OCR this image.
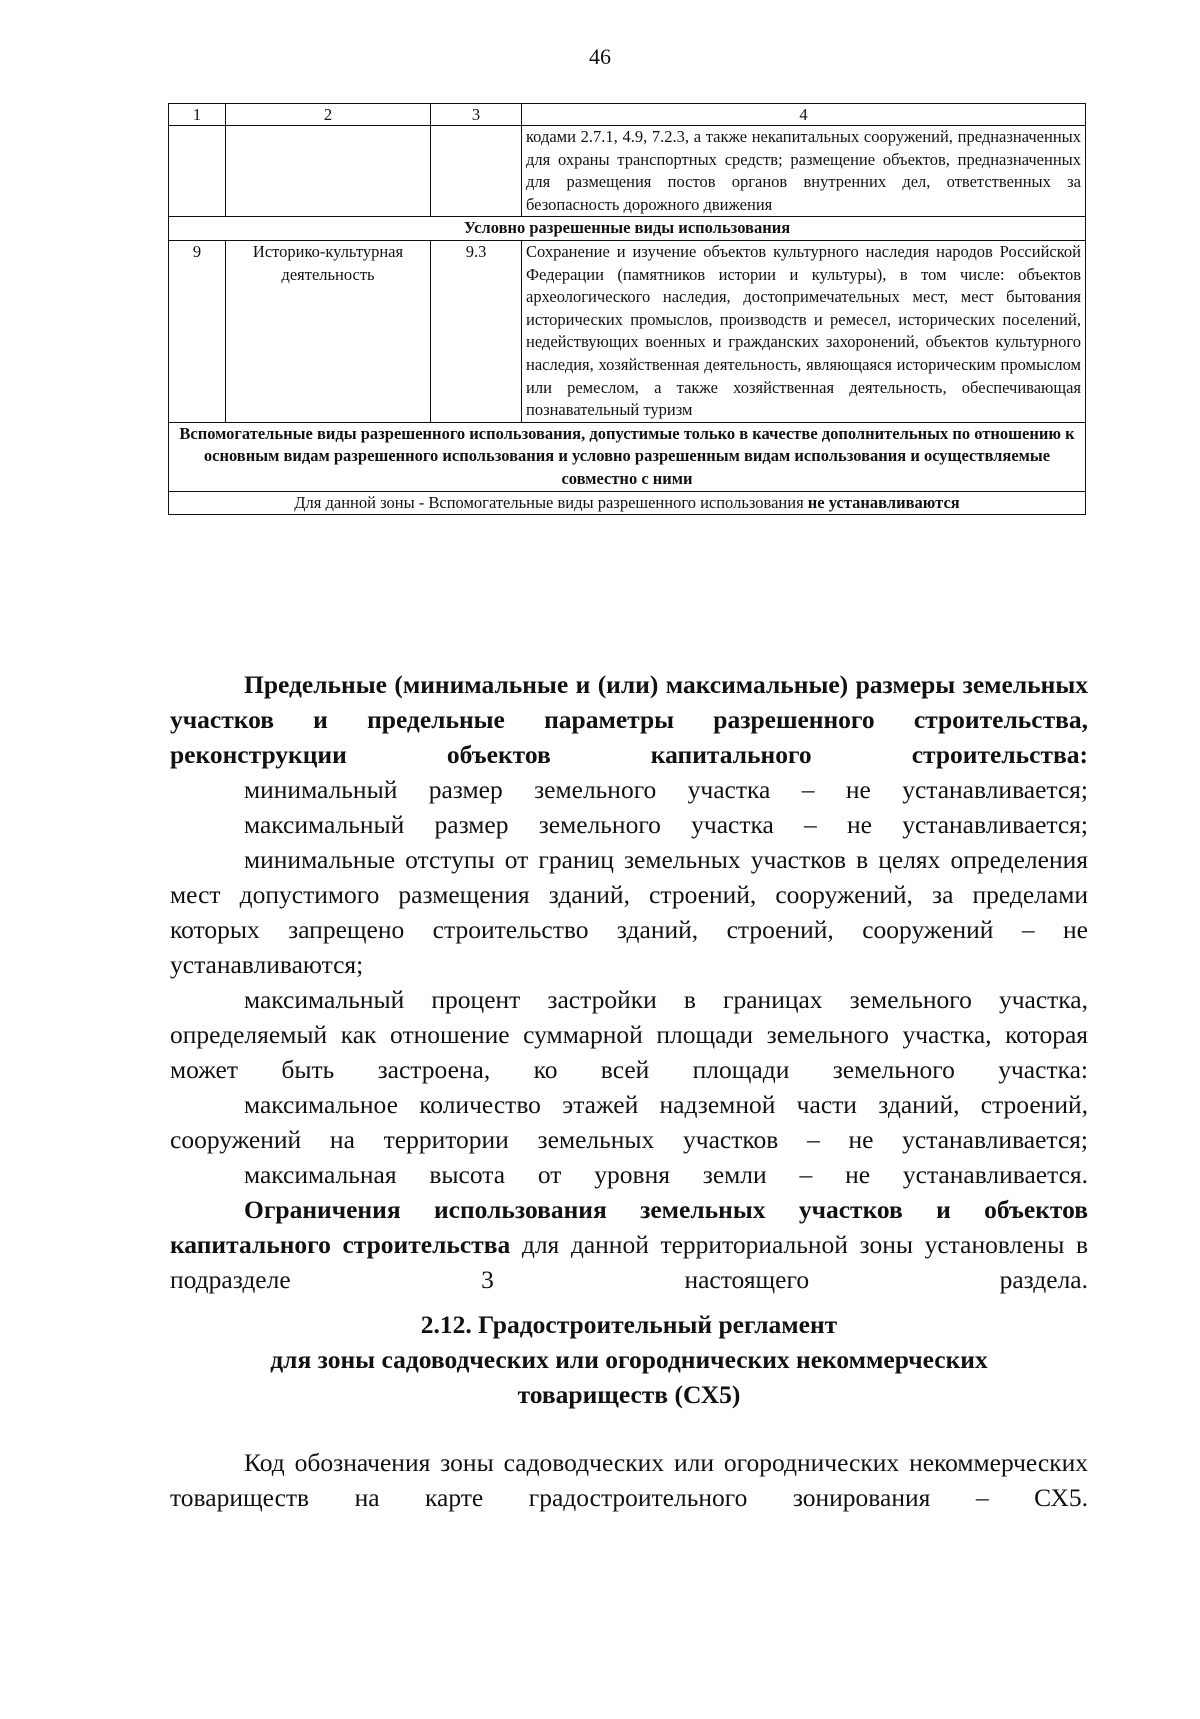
46
1	2	3	4
			кодами 2.7.1, 4.9, 7.2.3, а также некапитальных сооружений, предназначенных для охраны транспортных средств; размещение объектов, предназначенных для размещения постов органов внутренних дел, ответственных за безопасность дорожного движения
Условно разрешенные виды использования			
9	Историко-культурная деятельность	9.3	Сохранение и изучение объектов культурного наследия народов Российской Федерации (памятников истории и культуры), в том числе: объектов археологического наследия, достопримечательных мест, мест бытования исторических промыслов, производств и ремесел, исторических поселений, недействующих военных и гражданских захоронений, объектов культурного наследия, хозяйственная деятельность, являющаяся историческим промыслом или ремеслом, а также хозяйственная деятельность, обеспечивающая познавательный туризм
Вспомогательные виды разрешенного использования, допустимые только в качестве дополнительных по отношению к основным видам разрешенного использования и условно разрешенным видам использования и осуществляемые совместно с ними			
Для данной зоны - Вспомогательные виды разрешенного использования не устанавливаются			

Предельные (минимальные и (или) максимальные) размеры земельных участков и предельные параметры разрешенного строительства, реконструкции объектов капитального строительства:

минимальный размер земельного участка – не устанавливается;

максимальный размер земельного участка – не устанавливается;

минимальные отступы от границ земельных участков в целях определения мест допустимого размещения зданий, строений, сооружений, за пределами которых запрещено строительство зданий, строений, сооружений – не устанавливаются;

максимальный процент застройки в границах земельного участка, определяемый как отношение суммарной площади земельного участка, которая может быть застроена, ко всей площади земельного участка:

максимальное количество этажей надземной части зданий, строений, сооружений на территории земельных участков – не устанавливается;

максимальная высота от уровня земли – не устанавливается.

Ограничения использования земельных участков и объектов капитального строительства для данной территориальной зоны установлены в подразделе 3 настоящего раздела.

2.12. Градостроительный регламент
для зоны садоводческих или огороднических некоммерческих
товариществ (СХ5)

Код обозначения зоны садоводческих или огороднических некоммерческих товариществ на карте градостроительного зонирования – СХ5.
